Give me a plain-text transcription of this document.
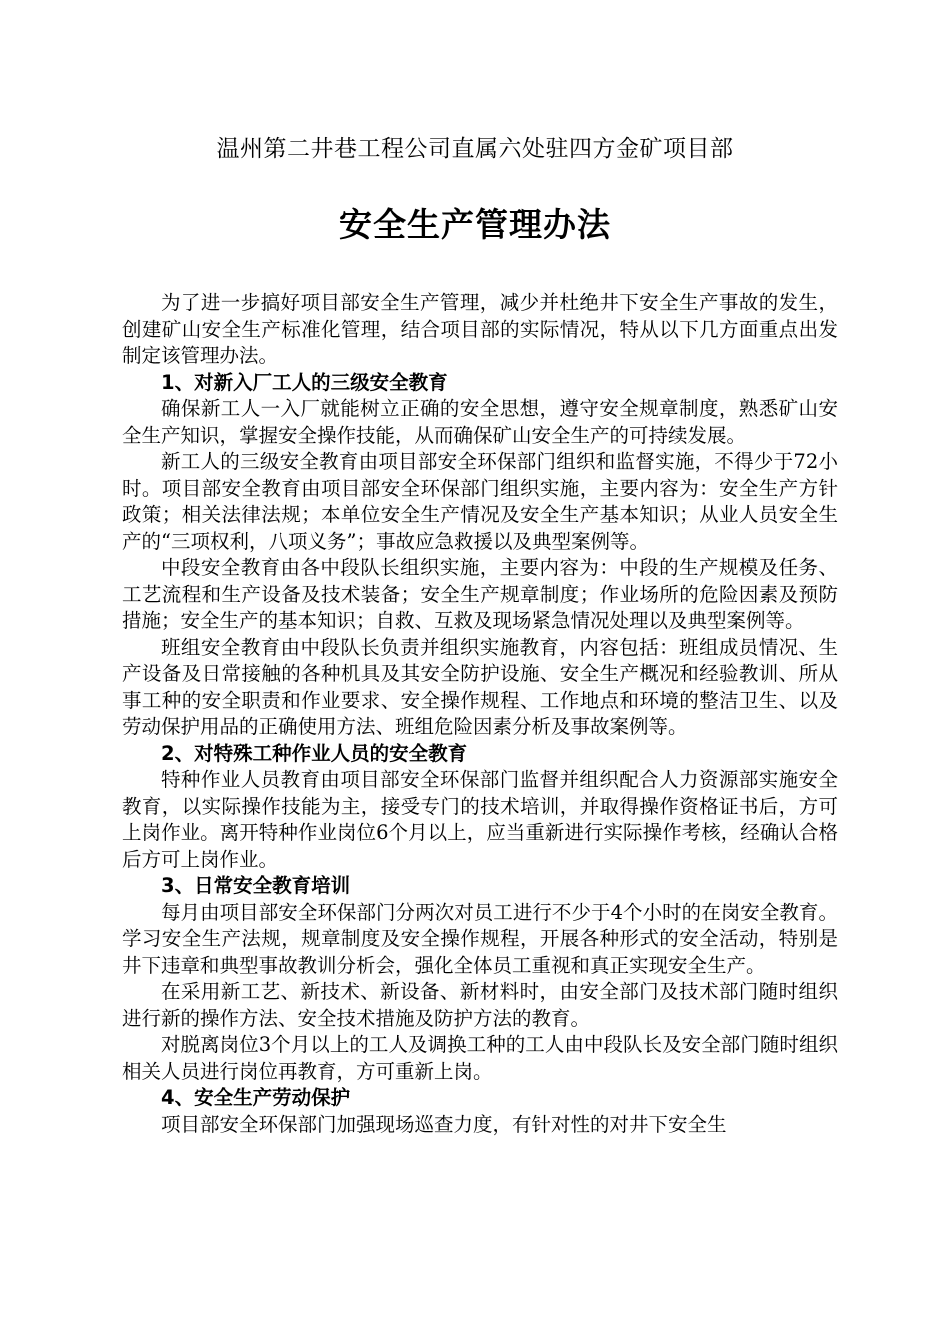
温州第二井巷工程公司直属六处驻四方金矿项目部
安全生产管理办法

为了进一步搞好项目部安全生产管理，减少并杜绝井下安全生产事故的发生，创建矿山安全生产标准化管理，结合项目部的实际情况，特从以下几方面重点出发制定该管理办法。

1、对新入厂工人的三级安全教育

确保新工人一入厂就能树立正确的安全思想，遵守安全规章制度，熟悉矿山安全生产知识，掌握安全操作技能，从而确保矿山安全生产的可持续发展。

新工人的三级安全教育由项目部安全环保部门组织和监督实施，不得少于72小时。项目部安全教育由项目部安全环保部门组织实施，主要内容为：安全生产方针政策；相关法律法规；本单位安全生产情况及安全生产基本知识；从业人员安全生产的“三项权利，八项义务”；事故应急救援以及典型案例等。

中段安全教育由各中段队长组织实施，主要内容为：中段的生产规模及任务、工艺流程和生产设备及技术装备；安全生产规章制度；作业场所的危险因素及预防措施；安全生产的基本知识；自救、互救及现场紧急情况处理以及典型案例等。

班组安全教育由中段队长负责并组织实施教育，内容包括：班组成员情况、生产设备及日常接触的各种机具及其安全防护设施、安全生产概况和经验教训、所从事工种的安全职责和作业要求、安全操作规程、工作地点和环境的整洁卫生、以及劳动保护用品的正确使用方法、班组危险因素分析及事故案例等。

2、对特殊工种作业人员的安全教育

特种作业人员教育由项目部安全环保部门监督并组织配合人力资源部实施安全教育，以实际操作技能为主，接受专门的技术培训，并取得操作资格证书后，方可上岗作业。离开特种作业岗位6个月以上，应当重新进行实际操作考核，经确认合格后方可上岗作业。

3、日常安全教育培训

每月由项目部安全环保部门分两次对员工进行不少于4个小时的在岗安全教育。学习安全生产法规，规章制度及安全操作规程，开展各种形式的安全活动，特别是井下违章和典型事故教训分析会，强化全体员工重视和真正实现安全生产。

在采用新工艺、新技术、新设备、新材料时，由安全部门及技术部门随时组织进行新的操作方法、安全技术措施及防护方法的教育。

对脱离岗位3个月以上的工人及调换工种的工人由中段队长及安全部门随时组织相关人员进行岗位再教育，方可重新上岗。

4、安全生产劳动保护

项目部安全环保部门加强现场巡查力度，有针对性的对井下安全生
